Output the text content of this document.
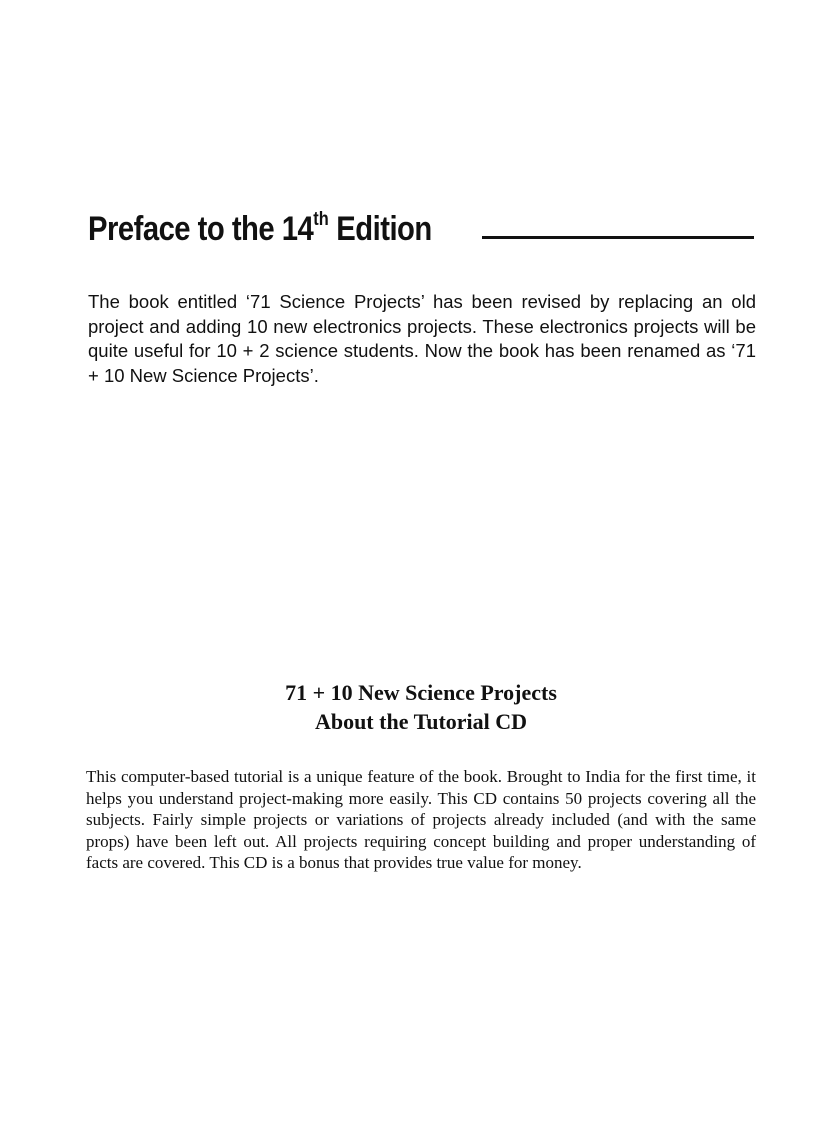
Preface to the 14th Edition

The book entitled ‘71 Science Projects’ has been revised by replacing an old project and adding 10 new electronics projects. These electronics projects will be quite useful for 10 + 2 science students. Now the book has been renamed as ‘71 + 10 New Science Projects’.

71 + 10 New Science Projects
About the Tutorial CD

This computer-based tutorial is a unique feature of the book. Brought to India for the first time, it helps you understand project-making more easily. This CD contains 50 projects covering all the subjects. Fairly simple projects or variations of projects already included (and with the same props) have been left out. All projects requiring concept building and proper understanding of facts are covered. This CD is a bonus that provides true value for money.
